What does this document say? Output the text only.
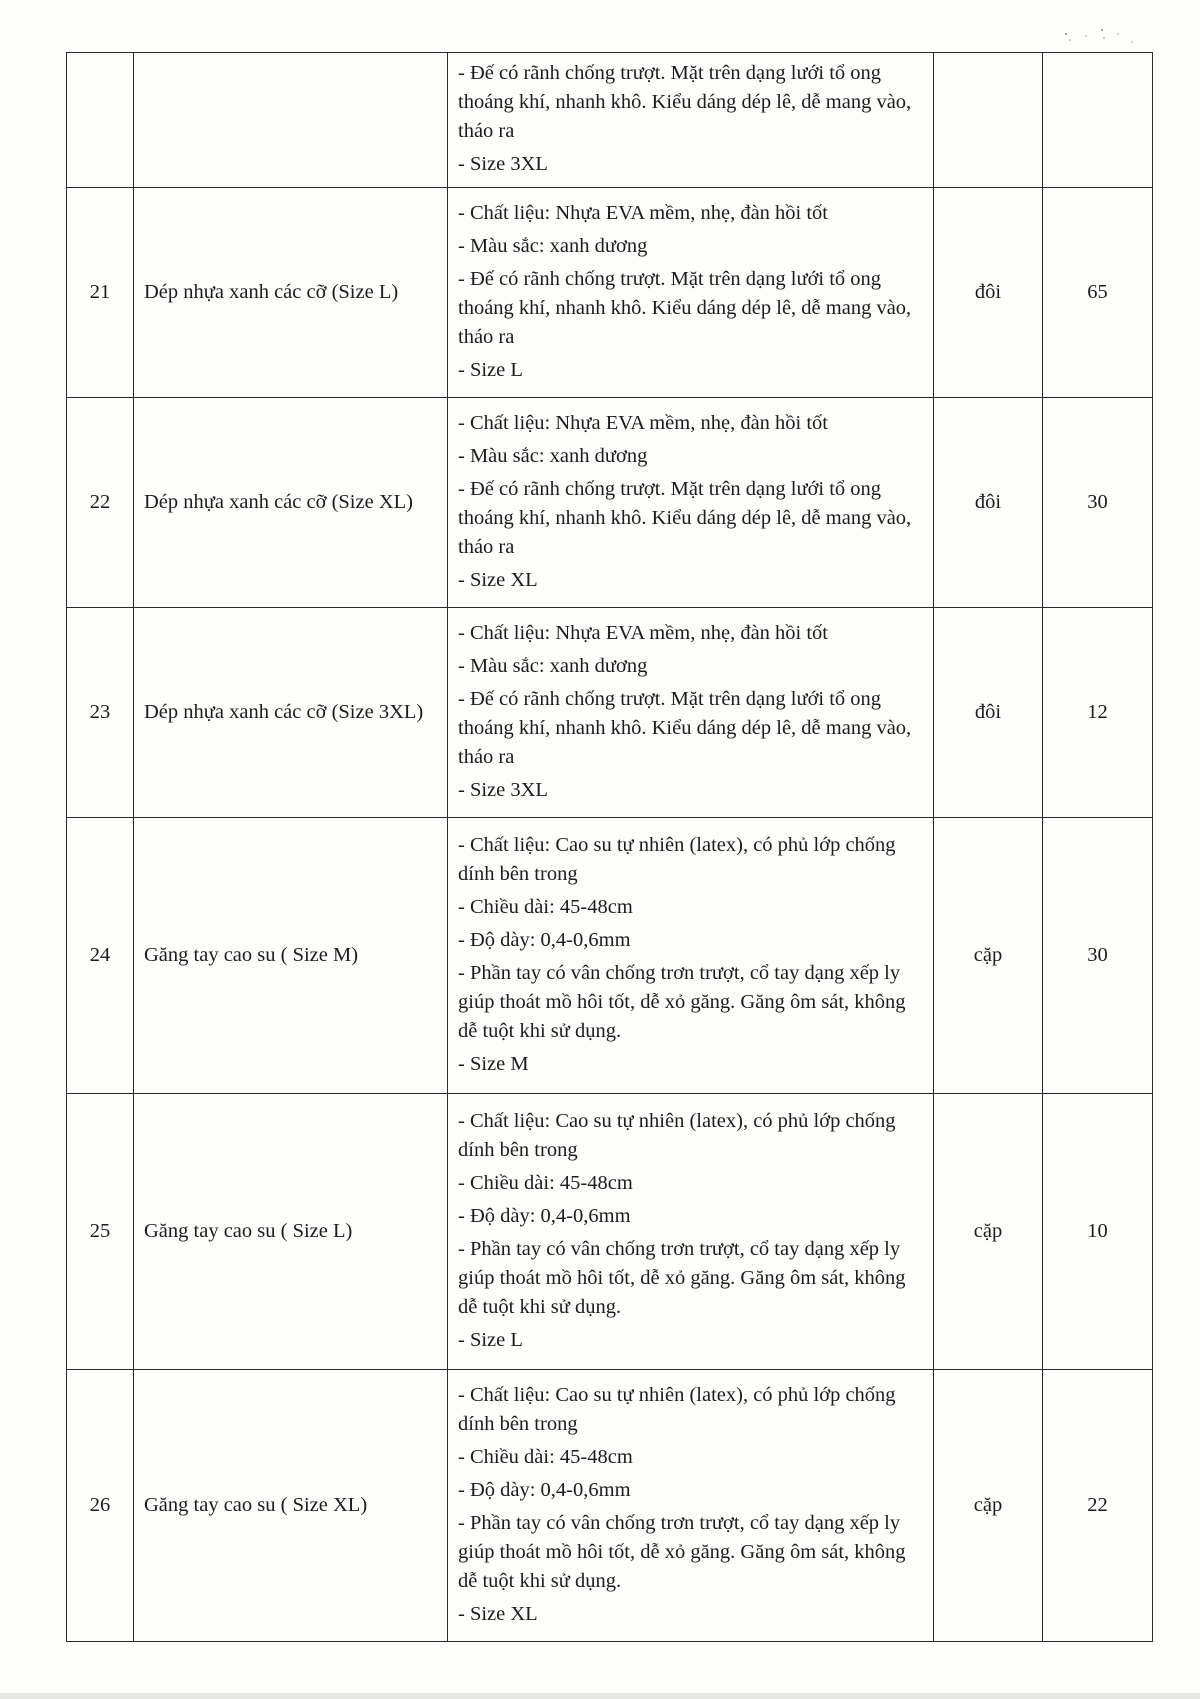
		- Đế có rãnh chống trượt. Mặt trên dạng lưới tổ ong thoáng khí, nhanh khô. Kiểu dáng dép lê, dễ mang vào, tháo ra
- Size 3XL		

21	Dép nhựa xanh các cỡ (Size L)	- Chất liệu: Nhựa EVA mềm, nhẹ, đàn hồi tốt
- Màu sắc: xanh dương
- Đế có rãnh chống trượt. Mặt trên dạng lưới tổ ong thoáng khí, nhanh khô. Kiểu dáng dép lê, dễ mang vào, tháo ra
- Size L	đôi	65
22	Dép nhựa xanh các cỡ (Size XL)	- Chất liệu: Nhựa EVA mềm, nhẹ, đàn hồi tốt
- Màu sắc: xanh dương
- Đế có rãnh chống trượt. Mặt trên dạng lưới tổ ong thoáng khí, nhanh khô. Kiểu dáng dép lê, dễ mang vào, tháo ra
- Size XL	đôi	30
23	Dép nhựa xanh các cỡ (Size 3XL)	- Chất liệu: Nhựa EVA mềm, nhẹ, đàn hồi tốt
- Màu sắc: xanh dương
- Đế có rãnh chống trượt. Mặt trên dạng lưới tổ ong thoáng khí, nhanh khô. Kiểu dáng dép lê, dễ mang vào, tháo ra
- Size 3XL	đôi	12
24	Găng tay cao su ( Size M)	- Chất liệu: Cao su tự nhiên (latex), có phủ lớp chống dính bên trong
- Chiều dài: 45-48cm
- Độ dày: 0,4-0,6mm
- Phần tay có vân chống trơn trượt, cổ tay dạng xếp ly giúp thoát mồ hôi tốt, dễ xỏ găng. Găng ôm sát, không dễ tuột khi sử dụng.
- Size M	cặp	30
25	Găng tay cao su ( Size L)	- Chất liệu: Cao su tự nhiên (latex), có phủ lớp chống dính bên trong
- Chiều dài: 45-48cm
- Độ dày: 0,4-0,6mm
- Phần tay có vân chống trơn trượt, cổ tay dạng xếp ly giúp thoát mồ hôi tốt, dễ xỏ găng. Găng ôm sát, không dễ tuột khi sử dụng.
- Size L	cặp	10
26	Găng tay cao su ( Size XL)	- Chất liệu: Cao su tự nhiên (latex), có phủ lớp chống dính bên trong
- Chiều dài: 45-48cm
- Độ dày: 0,4-0,6mm
- Phần tay có vân chống trơn trượt, cổ tay dạng xếp ly giúp thoát mồ hôi tốt, dễ xỏ găng. Găng ôm sát, không dễ tuột khi sử dụng.
- Size XL	cặp	22
